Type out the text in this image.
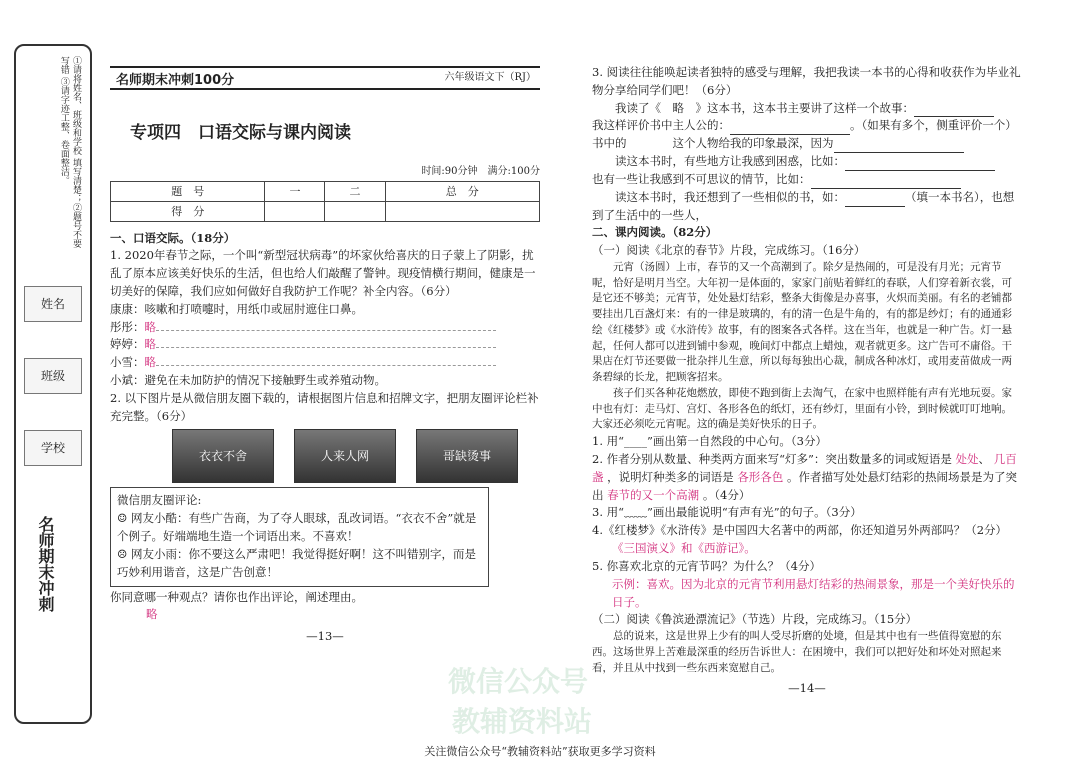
①请将姓名、班级和学校 填写清楚；②题号不要写错 ③请字迹工整、卷面整洁。
姓名
班级
学校
名师期末冲刺
名师期末冲刺100分	六年级语文下（RJ）
专项四　口语交际与课内阅读
时间:90分钟　满分:100分
题　号	一	二	总　分
得　分			
一、口语交际。（18分）
1. 2020年春节之际，一个叫“新型冠状病毒”的坏家伙给喜庆的日子蒙上了阴影，扰乱了原本应该美好快乐的生活，但也给人们敲醒了警钟。现疫情横行期间，健康是一切美好的保障，我们应如何做好自我防护工作呢？补全内容。（6分）
康康：咳嗽和打喷嚏时，用纸巾或屈肘遮住口鼻。
彤彤：略
婷婷：略
小雪：略
小斌：避免在未加防护的情况下接触野生或养殖动物。
2. 以下图片是从微信朋友圈下载的，请根据图片信息和招牌文字，把朋友圈评论栏补充完整。（6分）
衣衣不舍	人来人网	哥缺烫事
微信朋友圈评论:
☺ 网友小酷：有些广告商，为了夺人眼球，乱改词语。“衣衣不舍”就是个例子。好端端地生造一个词语出来。不喜欢！
☹ 网友小雨：你不要这么严肃吧！我觉得挺好啊！这不叫错别字，而是巧妙利用谐音，这是广告创意！
你同意哪一种观点？请你也作出评论，阐述理由。
略
—13—
3. 阅读往往能唤起读者独特的感受与理解，我把我读一本书的心得和收获作为毕业礼物分享给同学们吧！（6分）
我读了《　略　》这本书，这本书主要讲了这样一个故事：
我这样评价书中主人公的：	。（如果有多个，侧重评价一个）
书中的　　　　这个人物给我的印象最深，因为
读这本书时，有些地方让我感到困惑，比如：
也有一些让我感到不可思议的情节，比如：
读这本书时，我还想到了一些相似的书，如：	（填一本书名），也想到了生活中的一些人，
二、课内阅读。（82分）
（一）阅读《北京的春节》片段，完成练习。（16分）
元宵（汤圆）上市，春节的又一个高潮到了。除夕是热闹的，可是没有月光；元宵节呢，恰好是明月当空。大年初一是体面的，家家门前贴着鲜红的春联，人们穿着新衣裳，可是它还不够美；元宵节，处处悬灯结彩，整条大街像是办喜事，火炽而美丽。有名的老铺都要挂出几百盏灯来：有的一律是玻璃的，有的清一色是牛角的，有的都是纱灯；有的通通彩绘《红楼梦》或《水浒传》故事，有的图案各式各样。这在当年，也就是一种广告。灯一悬起，任何人都可以进到铺中参观，晚间灯中都点上蜡烛，观者就更多。这广告可不庸俗。干果店在灯节还要做一批杂拌儿生意，所以每每独出心裁，制成各种冰灯，或用麦苗做成一两条碧绿的长龙，把顾客招来。
孩子们买各种花炮燃放，即使不跑到街上去淘气，在家中也照样能有声有光地玩耍。家中也有灯：走马灯、宫灯、各形各色的纸灯，还有纱灯，里面有小铃，到时候就叮叮地响。大家还必须吃元宵呢。这的确是美好快乐的日子。
1. 用“____”画出第一自然段的中心句。（3分）
2. 作者分别从数量、种类两方面来写“灯多”：突出数量多的词或短语是 处处、 几百盏 ，说明灯种类多的词语是 各形各色 。作者描写处处悬灯结彩的热闹场景是为了突出 春节的又一个高潮 。（4分）
3. 用“﹏﹏”画出最能说明“有声有光”的句子。（3分）
4.《红楼梦》《水浒传》是中国四大名著中的两部，你还知道另外两部吗？（2分）
《三国演义》和《西游记》。
5. 你喜欢北京的元宵节吗？为什么？（4分）
示例：喜欢。因为北京的元宵节利用悬灯结彩的热闹景象，那是一个美好快乐的日子。
（二）阅读《鲁滨逊漂流记》（节选）片段，完成练习。（15分）
总的说来，这是世界上少有的叫人受尽折磨的处境，但是其中也有一些值得宽慰的东西。这场世界上苦难最深重的经历告诉世人：在困境中，我们可以把好处和坏处对照起来看，并且从中找到一些东西来宽慰自己。
—14—
微信公众号
教辅资料站
关注微信公众号“教辅资料站”获取更多学习资料
